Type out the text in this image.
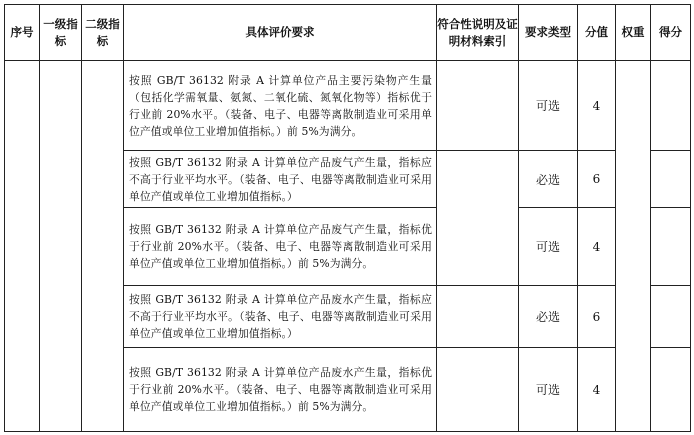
序号	一级指标	二级指标	具体评价要求	符合性说明及证明材料索引	要求类型	分值	权重	得分
			按照 GB/T 36132 附录 A 计算单位产品主要污染物产生量（包括化学需氧量、氨氮、二氧化硫、氮氧化物等）指标优于行业前 20%水平。（装备、电子、电器等离散制造业可采用单位产值或单位工业增加值指标。）前 5%为满分。		可选	4		
			按照 GB/T 36132 附录 A 计算单位产品废气产生量，指标应不高于行业平均水平。（装备、电子、电器等离散制造业可采用单位产值或单位工业增加值指标。）		必选	6		
			按照 GB/T 36132 附录 A 计算单位产品废气产生量，指标优于行业前 20%水平。（装备、电子、电器等离散制造业可采用单位产值或单位工业增加值指标。）前 5%为满分。		可选	4		
			按照 GB/T 36132 附录 A 计算单位产品废水产生量，指标应不高于行业平均水平。（装备、电子、电器等离散制造业可采用单位产值或单位工业增加值指标。）		必选	6		
			按照 GB/T 36132 附录 A 计算单位产品废水产生量，指标优于行业前 20%水平。（装备、电子、电器等离散制造业可采用单位产值或单位工业增加值指标。）前 5%为满分。		可选	4		
